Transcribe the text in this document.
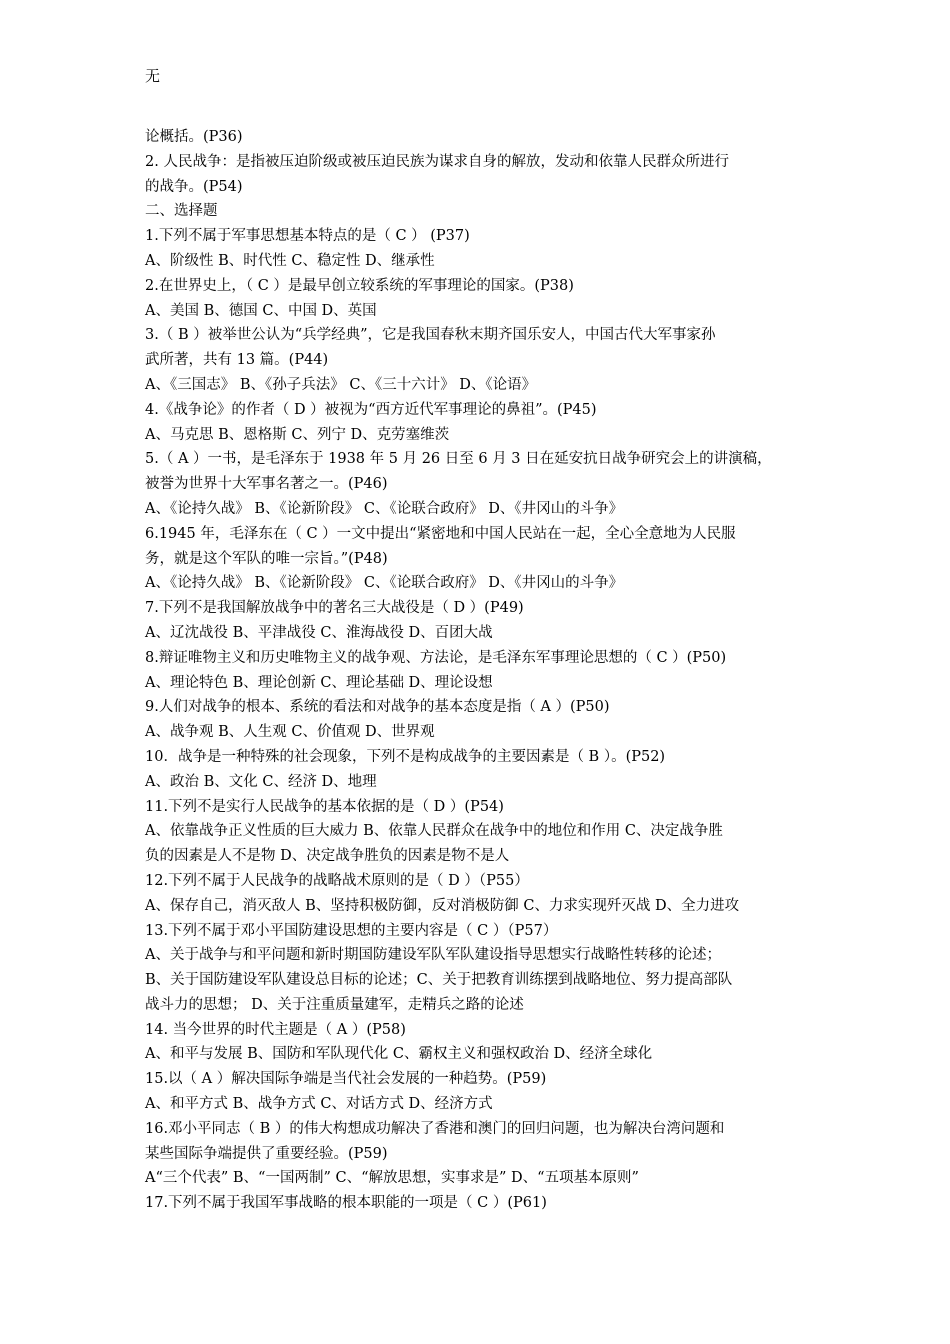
无
论概括。(P36)
2. 人民战争：是指被压迫阶级或被压迫民族为谋求自身的解放，发动和依靠人民群众所进行
的战争。(P54)
二、选择题
1.下列不属于军事思想基本特点的是（ C ） (P37)
A、阶级性 B、时代性 C、稳定性 D、继承性
2.在世界史上，（ C ）是最早创立较系统的军事理论的国家。(P38)
A、美国 B、德国 C、中国 D、英国
3.（ B ）被举世公认为“兵学经典”，它是我国春秋末期齐国乐安人，中国古代大军事家孙
武所著，共有 13 篇。(P44)
A、《三国志》 B、《孙子兵法》 C、《三十六计》 D、《论语》
4.《战争论》的作者（ D ）被视为“西方近代军事理论的鼻祖”。(P45)
A、马克思 B、恩格斯 C、列宁 D、克劳塞维茨
5.（ A ）一书，是毛泽东于 1938 年 5 月 26 日至 6 月 3 日在延安抗日战争研究会上的讲演稿，
被誉为世界十大军事名著之一。(P46)
A、《论持久战》 B、《论新阶段》 C、《论联合政府》 D、《井冈山的斗争》
6.1945 年，毛泽东在（ C ）一文中提出“紧密地和中国人民站在一起，全心全意地为人民服
务，就是这个军队的唯一宗旨。”(P48)
A、《论持久战》 B、《论新阶段》 C、《论联合政府》 D、《井冈山的斗争》
7.下列不是我国解放战争中的著名三大战役是（ D ）(P49)
A、辽沈战役 B、平津战役 C、淮海战役 D、百团大战
8.辩证唯物主义和历史唯物主义的战争观、方法论，是毛泽东军事理论思想的（ C ）(P50)
A、理论特色 B、理论创新 C、理论基础 D、理论设想
9.人们对战争的根本、系统的看法和对战争的基本态度是指（ A ）(P50)
A、战争观 B、人生观 C、价值观 D、世界观
10．战争是一种特殊的社会现象，下列不是构成战争的主要因素是（ B ）。(P52)
A、政治 B、文化 C、经济 D、地理
11.下列不是实行人民战争的基本依据的是（ D ）(P54)
A、依靠战争正义性质的巨大威力 B、依靠人民群众在战争中的地位和作用 C、决定战争胜
负的因素是人不是物 D、决定战争胜负的因素是物不是人
12.下列不属于人民战争的战略战术原则的是（ D ）（P55）
A、保存自己，消灭敌人 B、坚持积极防御，反对消极防御 C、力求实现歼灭战 D、全力进攻
13.下列不属于邓小平国防建设思想的主要内容是（ C ）（P57）
A、关于战争与和平问题和新时期国防建设军队军队建设指导思想实行战略性转移的论述；
B、关于国防建设军队建设总目标的论述；C、关于把教育训练摆到战略地位、努力提高部队
战斗力的思想； D、关于注重质量建军，走精兵之路的论述
14. 当今世界的时代主题是（ A ）(P58)
A、和平与发展 B、国防和军队现代化 C、霸权主义和强权政治 D、经济全球化
15.以（ A ）解决国际争端是当代社会发展的一种趋势。(P59)
A、和平方式 B、战争方式 C、对话方式 D、经济方式
16.邓小平同志（ B ）的伟大构想成功解决了香港和澳门的回归问题，也为解决台湾问题和
某些国际争端提供了重要经验。(P59)
A“三个代表” B、“一国两制” C、“解放思想，实事求是” D、“五项基本原则”
17.下列不属于我国军事战略的根本职能的一项是（ C ）(P61)
